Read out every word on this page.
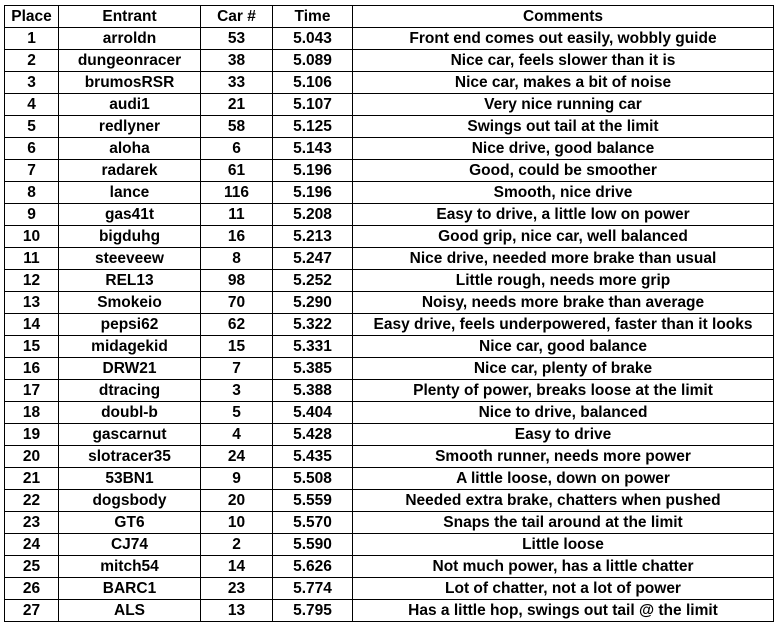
Place	Entrant	Car #	Time	Comments
1	arroldn	53	5.043	Front end comes out easily, wobbly guide
2	dungeonracer	38	5.089	Nice car, feels slower than it is
3	brumosRSR	33	5.106	Nice car, makes a bit of noise
4	audi1	21	5.107	Very nice running car
5	redlyner	58	5.125	Swings out tail at the limit
6	aloha	6	5.143	Nice drive, good balance
7	radarek	61	5.196	Good, could be smoother
8	lance	116	5.196	Smooth, nice drive
9	gas41t	11	5.208	Easy to drive, a little low on power
10	bigduhg	16	5.213	Good grip, nice car, well balanced
11	steeveew	8	5.247	Nice drive, needed more brake than usual
12	REL13	98	5.252	Little rough, needs more grip
13	Smokeio	70	5.290	Noisy, needs more brake than average
14	pepsi62	62	5.322	Easy drive, feels underpowered, faster than it looks
15	midagekid	15	5.331	Nice car, good balance
16	DRW21	7	5.385	Nice car, plenty of brake
17	dtracing	3	5.388	Plenty of power, breaks loose at the limit
18	doubl-b	5	5.404	Nice to drive, balanced
19	gascarnut	4	5.428	Easy to drive
20	slotracer35	24	5.435	Smooth runner, needs more power
21	53BN1	9	5.508	A little loose, down on power
22	dogsbody	20	5.559	Needed extra brake, chatters when pushed
23	GT6	10	5.570	Snaps the tail around at the limit
24	CJ74	2	5.590	Little loose
25	mitch54	14	5.626	Not much power, has a little chatter
26	BARC1	23	5.774	Lot of chatter, not a lot of power
27	ALS	13	5.795	Has a little hop, swings out tail @ the limit
